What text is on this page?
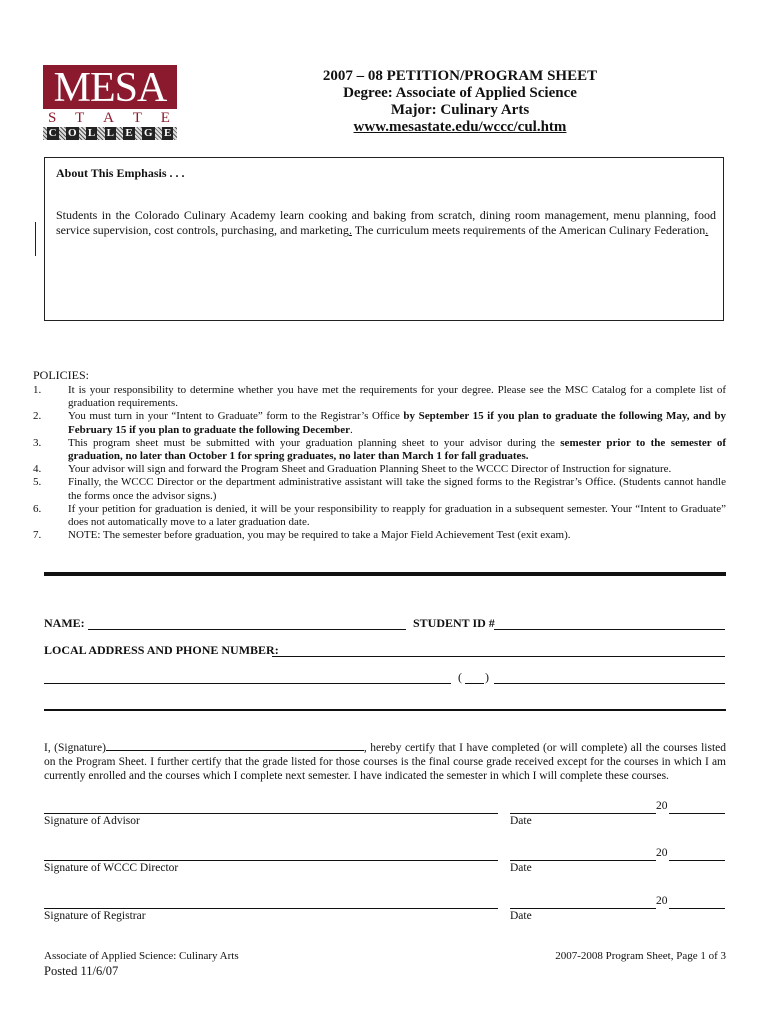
MESA
S T A T E
C O L L E G E
2007 – 08 PETITION/PROGRAM SHEET
Degree: Associate of Applied Science
Major: Culinary Arts
www.mesastate.edu/wccc/cul.htm
About This Emphasis . . .
Students in the Colorado Culinary Academy learn cooking and baking from scratch, dining room management, menu planning, food service supervision, cost controls, purchasing, and marketing. The curriculum meets requirements of the American Culinary Federation.
POLICIES:
1. It is your responsibility to determine whether you have met the requirements for your degree. Please see the MSC Catalog for a complete list of graduation requirements.
2. You must turn in your “Intent to Graduate” form to the Registrar’s Office by September 15 if you plan to graduate the following May, and by February 15 if you plan to graduate the following December.
3. This program sheet must be submitted with your graduation planning sheet to your advisor during the semester prior to the semester of graduation, no later than October 1 for spring graduates, no later than March 1 for fall graduates.
4. Your advisor will sign and forward the Program Sheet and Graduation Planning Sheet to the WCCC Director of Instruction for signature.
5. Finally, the WCCC Director or the department administrative assistant will take the signed forms to the Registrar’s Office. (Students cannot handle the forms once the advisor signs.)
6. If your petition for graduation is denied, it will be your responsibility to reapply for graduation in a subsequent semester. Your “Intent to Graduate” does not automatically move to a later graduation date.
7. NOTE: The semester before graduation, you may be required to take a Major Field Achievement Test (exit exam).
NAME:	STUDENT ID #
LOCAL ADDRESS AND PHONE NUMBER:
( )
I, (Signature)	, hereby certify that I have completed (or will complete) all the courses listed on the Program Sheet. I further certify that the grade listed for those courses is the final course grade received except for the courses in which I am currently enrolled and the courses which I complete next semester. I have indicated the semester in which I will complete these courses.
20
Signature of Advisor	Date
20
Signature of WCCC Director	Date
20
Signature of Registrar	Date
Associate of Applied Science: Culinary Arts
Posted 11/6/07
2007-2008 Program Sheet, Page 1 of 3
